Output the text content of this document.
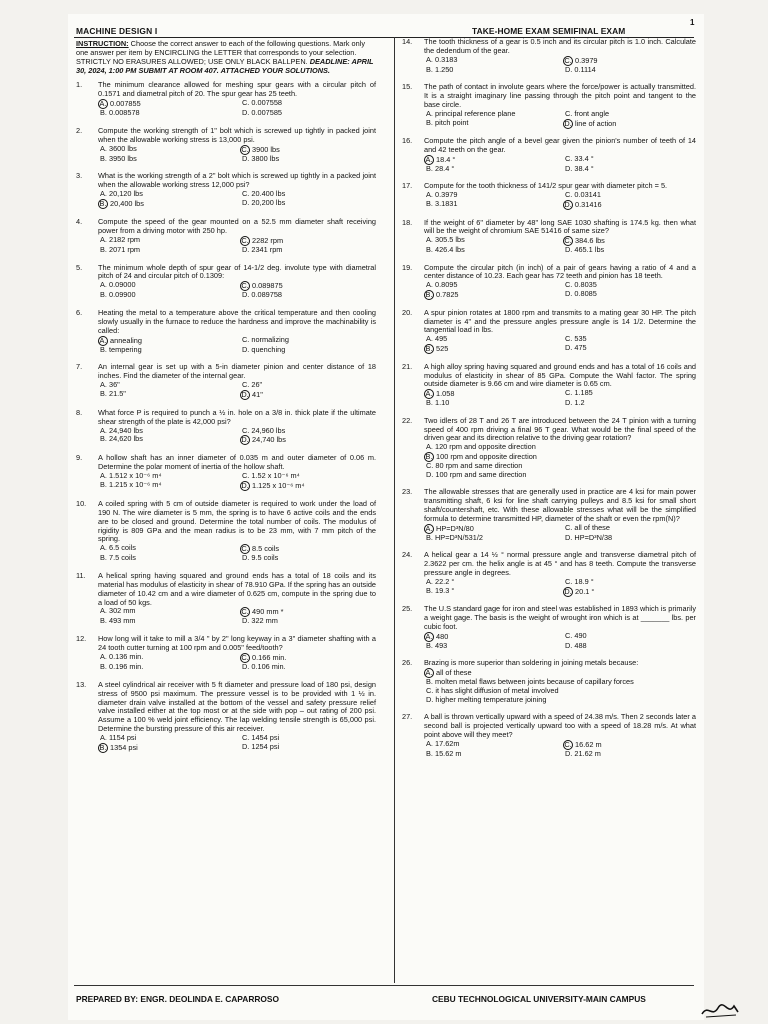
1
MACHINE DESIGN I	TAKE-HOME EXAM SEMIFINAL EXAM
INSTRUCTION: Choose the correct answer to each of the following questions. Mark only one answer per item by ENCIRCLING the LETTER that corresponds to your selection. STRICTLY NO ERASURES ALLOWED; USE ONLY BLACK BALLPEN. DEADLINE: APRIL 30, 2024, 1:00 PM SUBMIT AT ROOM 407. ATTACHED YOUR SOLUTIONS.
1. The minimum clearance allowed for meshing spur gears with a circular pitch of 0.1571 and diametral pitch of 20. The spur gear has 25 teeth.
A. 0.007855	C. 0.007558
B. 0.008578	D. 0.007585
2. Compute the working strength of 1" bolt which is screwed up tightly in packed joint when the allowable working stress is 13,000 psi.
A. 3600 lbs	C. 3900 lbs
B. 3950 lbs	D. 3800 lbs
3. What is the working strength of a 2" bolt which is screwed up tightly in a packed joint when the allowable working stress 12,000 psi?
A. 20,120 lbs	C. 20.400 lbs
B. 20,400 lbs	D. 20,200 lbs
4. Compute the speed of the gear mounted on a 52.5 mm diameter shaft receiving power from a driving motor with 250 hp.
A. 2182 rpm	C. 2282 rpm
B. 2071 rpm	D. 2341 rpm
5. The minimum whole depth of spur gear of 14-1/2 deg. involute type with diametral pitch of 24 and circular pitch of 0.1309:
A. 0.09000	C. 0.089875
B. 0.09900	D. 0.089758
6. Heating the metal to a temperature above the critical temperature and then cooling slowly usually in the furnace to reduce the hardness and improve the machinability is called:
A. annealing	C. normalizing
B. tempering	D. quenching
7. An internal gear is set up with a 5-in diameter pinion and center distance of 18 inches. Find the diameter of the internal gear.
A. 36"	C. 26"
B. 21.5"	D. 41"
8. What force P is required to punch a ½ in. hole on a 3/8 in. thick plate if the ultimate shear strength of the plate is 42,000 psi?
A. 24,940 lbs	C. 24,960 lbs
B. 24,620 lbs	D. 24,740 lbs
9. A hollow shaft has an inner diameter of 0.035 m and outer diameter of 0.06 m. Determine the polar moment of inertia of the hollow shaft.
A. 1.512 x 10⁻⁶ m⁴	C. 1.52 x 10⁻⁶ m⁴
B. 1.215 x 10⁻⁶ m⁴	D. 1.125 x 10⁻⁶ m⁴
10. A coiled spring with 5 cm of outside diameter is required to work under the load of 190 N. The wire diameter is 5 mm, the spring is to have 6 active coils and the ends are to be closed and ground. Determine the total number of coils. The modulus of rigidity is 809 GPa and the mean radius is to be 23 mm, with 7 mm pitch of the spring.
A. 6.5 coils	C. 8.5 coils
B. 7.5 coils	D. 9.5 coils
11. A helical spring having squared and ground ends has a total of 18 coils and its material has modulus of elasticity in shear of 78.910 GPa. If the spring has an outside diameter of 10.42 cm and a wire diameter of 0.625 cm, compute in the spring due to a load of 50 kgs.
A. 302 mm	C. 490 mm *
B. 493 mm	D. 322 mm
12. How long will it take to mill a 3/4 " by 2" long keyway in a 3" diameter shafting with a 24 tooth cutter turning at 100 rpm and 0.005" feed/tooth?
A. 0.136 min.	C. 0.166 min.
B. 0.196 min.	D. 0.106 min.
13. A steel cylindrical air receiver with 5 ft diameter and pressure load of 180 psi, design stress of 9500 psi maximum. The pressure vessel is to be provided with 1 ½ in. diameter drain valve installed at the bottom of the vessel and safety pressure relief valve installed either at the top most or at the side with pop – out rating of 200 psi. Assume a 100 % weld joint efficiency. The lap welding tensile strength is 65,000 psi. Determine the bursting pressure of this air receiver.
A. 1154 psi	C. 1454 psi
B. 1354 psi	D. 1254 psi
14. The tooth thickness of a gear is 0.5 inch and its circular pitch is 1.0 inch. Calculate the dedendum of the gear.
A. 0.3183	C. 0.3979
B. 1.250	D. 0.1114
15. The path of contact in involute gears where the force/power is actually transmitted. It is a straight imaginary line passing through the pitch point and tangent to the base circle.
A. principal reference plane	C. front angle
B. pitch point	D. line of action
16. Compute the pitch angle of a bevel gear given the pinion's number of teeth of 14 and 42 teeth on the gear.
A. 18.4 °	C. 33.4 °
B. 28.4 °	D. 38.4 °
17. Compute for the tooth thickness of 141/2 spur gear with diameter pitch = 5.
A. 0.3979	C. 0.03141
B. 3.1831	D. 0.31416
18. If the weight of 6" diameter by 48" long SAE 1030 shafting is 174.5 kg. then what will be the weight of chromium SAE 51416 of same size?
A. 305.5 lbs	C. 384.6 lbs
B. 426.4 lbs	D. 465.1 lbs
19. Compute the circular pitch (in inch) of a pair of gears having a ratio of 4 and a center distance of 10.23. Each gear has 72 teeth and pinion has 18 teeth.
A. 0.8095	C. 0.8035
B. 0.7825	D. 0.8085
20. A spur pinion rotates at 1800 rpm and transmits to a mating gear 30 HP. The pitch diameter is 4" and the pressure angles pressure angle is 14 1/2. Determine the tangential load in lbs.
A. 495	C. 535
B. 525	D. 475
21. A high alloy spring having squared and ground ends and has a total of 16 coils and modulus of elasticity in shear of 85 GPa. Compute the Wahl factor. The spring outside diameter is 9.66 cm and wire diameter is 0.65 cm.
A. 1.058	C. 1.185
B. 1.10	D. 1.2
22. Two idlers of 28 T and 26 T are introduced between the 24 T pinion with a turning speed of 400 rpm driving a final 96 T gear. What would be the final speed of the driven gear and its direction relative to the driving gear rotation?
A. 120 rpm and opposite direction
B. 100 rpm and opposite direction
C. 80 rpm and same direction
D. 100 rpm and same direction
23. The allowable stresses that are generally used in practice are 4 ksi for main power transmitting shaft, 6 ksi for line shaft carrying pulleys and 8.5 ksi for small short shaft/countershaft, etc. With these allowable stresses what will be the simplified formula to determine transmitted HP, diameter of the shaft or even the rpm(N)?
A. HP=D³N/80	C. all of these
B. HP=D³N/531/2	D. HP=D³N/38
24. A helical gear a 14 ½ ° normal pressure angle and transverse diametral pitch of 2.3622 per cm. the helix angle is at 45 ° and has 8 teeth. Compute the transverse pressure angle in degrees.
A. 22.2 °	C. 18.9 °
B. 19.3 °	D. 20.1 °
25. The U.S standard gage for iron and steel was established in 1893 which is primarily a weight gage. The basis is the weight of wrought iron which is at _______ lbs. per cubic foot.
A. 480	C. 490
B. 493	D. 488
26. Brazing is more superior than soldering in joining metals because:
A. all of these
B. molten metal flaws between joints because of capillary forces
C. it has slight diffusion of metal involved
D. higher melting temperature joining
27. A ball is thrown vertically upward with a speed of 24.38 m/s. Then 2 seconds later a second ball is projected vertically upward too with a speed of 18.28 m/s. At what point above will they meet?
A. 17.62m	C. 16.62 m
B. 15.62 m	D. 21.62 m
PREPARED BY: ENGR. DEOLINDA E. CAPARROSO	CEBU TECHNOLOGICAL UNIVERSITY-MAIN CAMPUS
